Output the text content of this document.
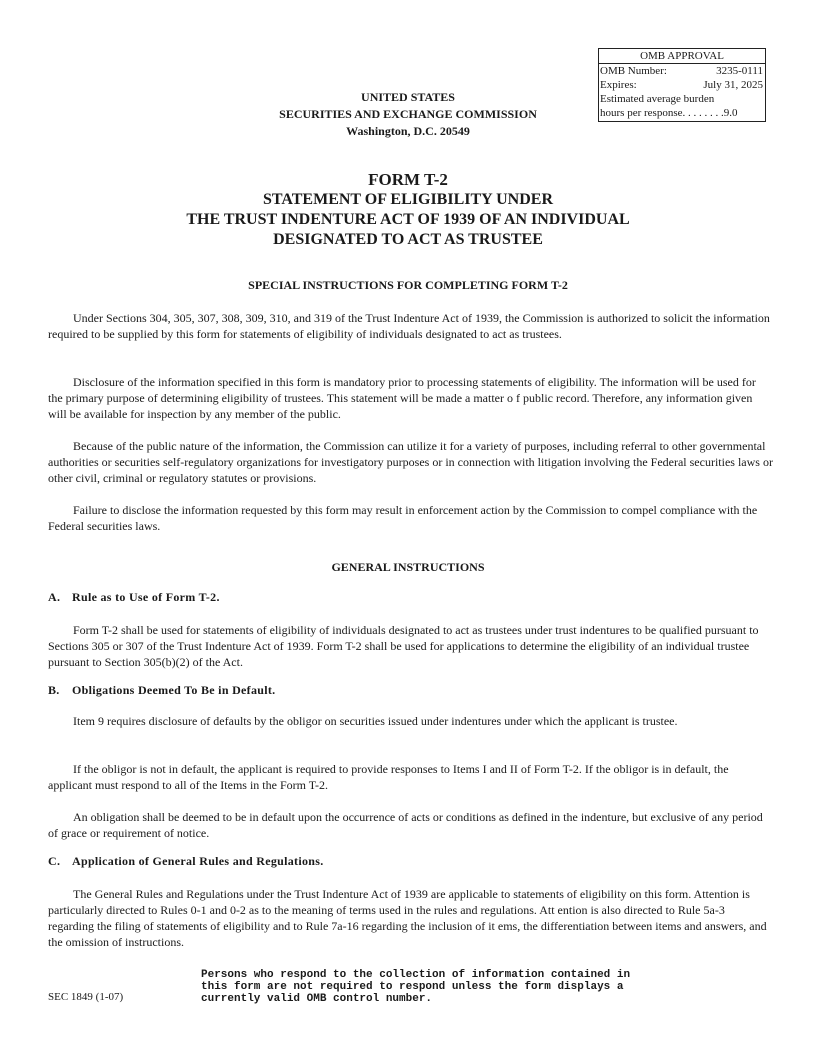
OMB APPROVAL
OMB Number:	3235-0111
Expires:	July 31, 2025
Estimated average burden
hours per response. . . . . . . .9.0
UNITED STATES
SECURITIES AND EXCHANGE COMMISSION
Washington, D.C. 20549
FORM T-2
STATEMENT OF ELIGIBILITY UNDER
THE TRUST INDENTURE ACT OF 1939 OF AN INDIVIDUAL
DESIGNATED TO ACT AS TRUSTEE
SPECIAL INSTRUCTIONS FOR COMPLETING FORM T-2
Under Sections 304, 305, 307, 308, 309, 310, and 319 of the Trust Indenture Act of 1939, the Commission is authorized to solicit the information required to be supplied by this form for statements of eligibility of individuals designated to act as trustees.
Disclosure of the information specified in this form is mandatory prior to processing statements of eligibility. The information will be used for the primary purpose of determining eligibility of trustees. This statement will be made a matter o f public record. Therefore, any information given will be available for inspection by any member of the public.
Because of the public nature of the information, the Commission can utilize it for a variety of purposes, including referral to other governmental authorities or securities self-regulatory organizations for investigatory purposes or in connection with litigation involving the Federal securities laws or other civil, criminal or regulatory statutes or provisions.
Failure to disclose the information requested by this form may result in enforcement action by the Commission to compel compliance with the Federal securities laws.
GENERAL INSTRUCTIONS
A. Rule as to Use of Form T-2.
Form T-2 shall be used for statements of eligibility of individuals designated to act as trustees under trust indentures to be qualified pursuant to Sections 305 or 307 of the Trust Indenture Act of 1939. Form T-2 shall be used for applications to determine the eligibility of an individual trustee pursuant to Section 305(b)(2) of the Act.
B. Obligations Deemed To Be in Default.
Item 9 requires disclosure of defaults by the obligor on securities issued under indentures under which the applicant is trustee.
If the obligor is not in default, the applicant is required to provide responses to Items I and II of Form T-2. If the obligor is in default, the applicant must respond to all of the Items in the Form T-2.
An obligation shall be deemed to be in default upon the occurrence of acts or conditions as defined in the indenture, but exclusive of any period of grace or requirement of notice.
C. Application of General Rules and Regulations.
The General Rules and Regulations under the Trust Indenture Act of 1939 are applicable to statements of eligibility on this form. Attention is particularly directed to Rules 0-1 and 0-2 as to the meaning of terms used in the rules and regulations. Att ention is also directed to Rule 5a-3 regarding the filing of statements of eligibility and to Rule 7a-16 regarding the inclusion of it ems, the differentiation between items and answers, and the omission of instructions.
Persons who respond to the collection of information contained in
this form are not required to respond unless the form displays a
currently valid OMB control number.
SEC 1849 (1-07)
